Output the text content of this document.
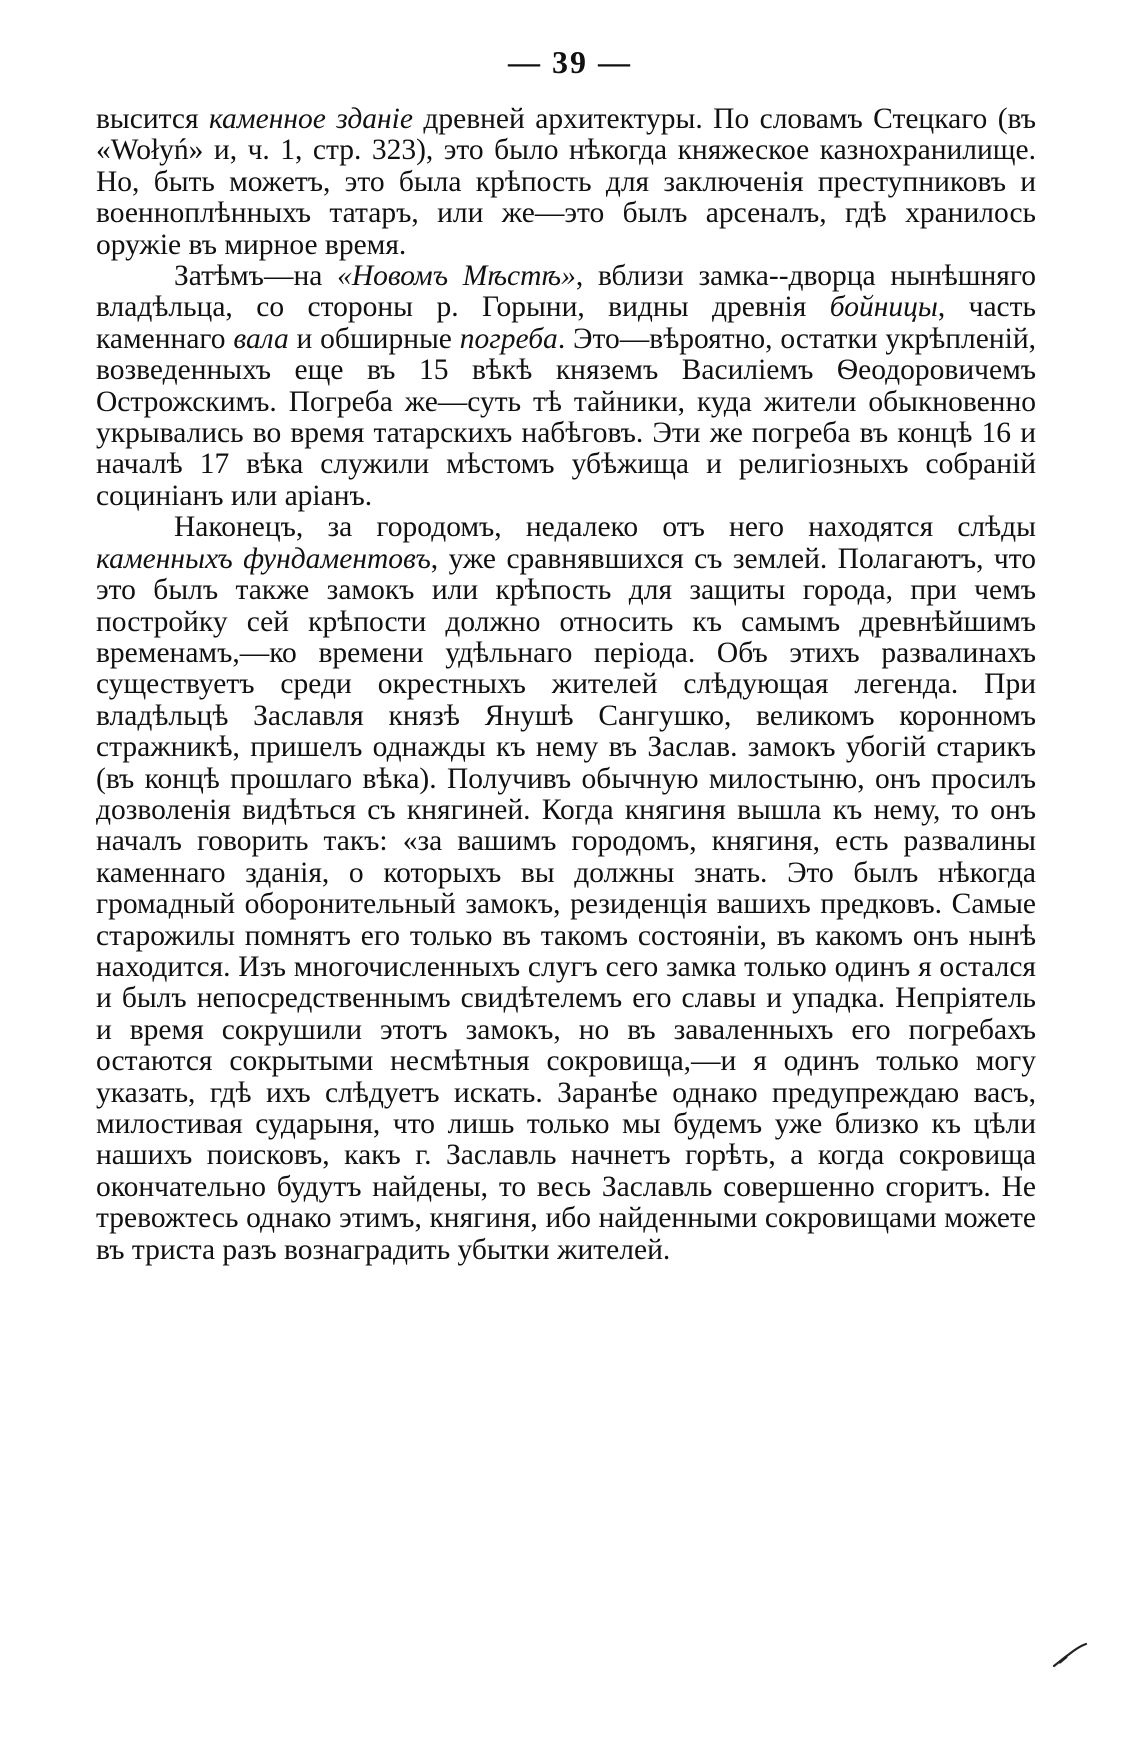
— 39 —

высится каменное зданіе древней архитектуры. По словамъ Стецкаго (въ «Wołyń» и, ч. 1, стр. 323), это было нѣкогда княжеское казнохранилище. Но, быть можетъ, это была крѣпость для заключенія преступниковъ и военноплѣнныхъ татаръ, или же—это былъ арсеналъ, гдѣ хранилось оружіе въ мирное время.

Затѣмъ—на «Новомъ Мѣстѣ», вблизи замка--дворца нынѣшняго владѣльца, со стороны р. Горыни, видны древнія бойницы, часть каменнаго вала и обширные погреба. Это—вѣроятно, остатки укрѣпленій, возведенныхъ еще въ 15 вѣкѣ княземъ Василіемъ Ѳеодоровичемъ Острожскимъ. Погреба же—суть тѣ тайники, куда жители обыкновенно укрывались во время татарскихъ набѣговъ. Эти же погреба въ концѣ 16 и началѣ 17 вѣка служили мѣстомъ убѣжища и религіозныхъ собраній социніанъ или аріанъ.

Наконецъ, за городомъ, недалеко отъ него находятся слѣды каменныхъ фундаментовъ, уже сравнявшихся съ землей. Полагаютъ, что это былъ также замокъ или крѣпость для защиты города, при чемъ постройку сей крѣпости должно относить къ самымъ древнѣйшимъ временамъ,—ко времени удѣльнаго періода. Объ этихъ развалинахъ существуетъ среди окрестныхъ жителей слѣдующая легенда. При владѣльцѣ Заславля князѣ Янушѣ Сангушко, великомъ коронномъ стражникѣ, пришелъ однажды къ нему въ Заслав. замокъ убогій старикъ (въ концѣ прошлаго вѣка). Получивъ обычную милостыню, онъ просилъ дозволенія видѣться съ княгиней. Когда княгиня вышла къ нему, то онъ началъ говорить такъ: «за вашимъ городомъ, княгиня, есть развалины каменнаго зданія, о которыхъ вы должны знать. Это былъ нѣкогда громадный оборонительный замокъ, резиденція вашихъ предковъ. Самые старожилы помнятъ его только въ такомъ состояніи, въ какомъ онъ нынѣ находится. Изъ многочисленныхъ слугъ сего замка только одинъ я остался и былъ непосредственнымъ свидѣтелемъ его славы и упадка. Непріятель и время сокрушили этотъ замокъ, но въ заваленныхъ его погребахъ остаются сокрытыми несмѣтныя сокровища,—и я одинъ только могу указать, гдѣ ихъ слѣдуетъ искать. Заранѣе однако предупреждаю васъ, милостивая сударыня, что лишь только мы будемъ уже близко къ цѣли нашихъ поисковъ, какъ г. Заславль начнетъ горѣть, а когда сокровища окончательно будутъ найдены, то весь Заславль совершенно сгоритъ. Не тревожтесь однако этимъ, княгиня, ибо найденными сокровищами можете въ триста разъ вознаградить убытки жителей.
